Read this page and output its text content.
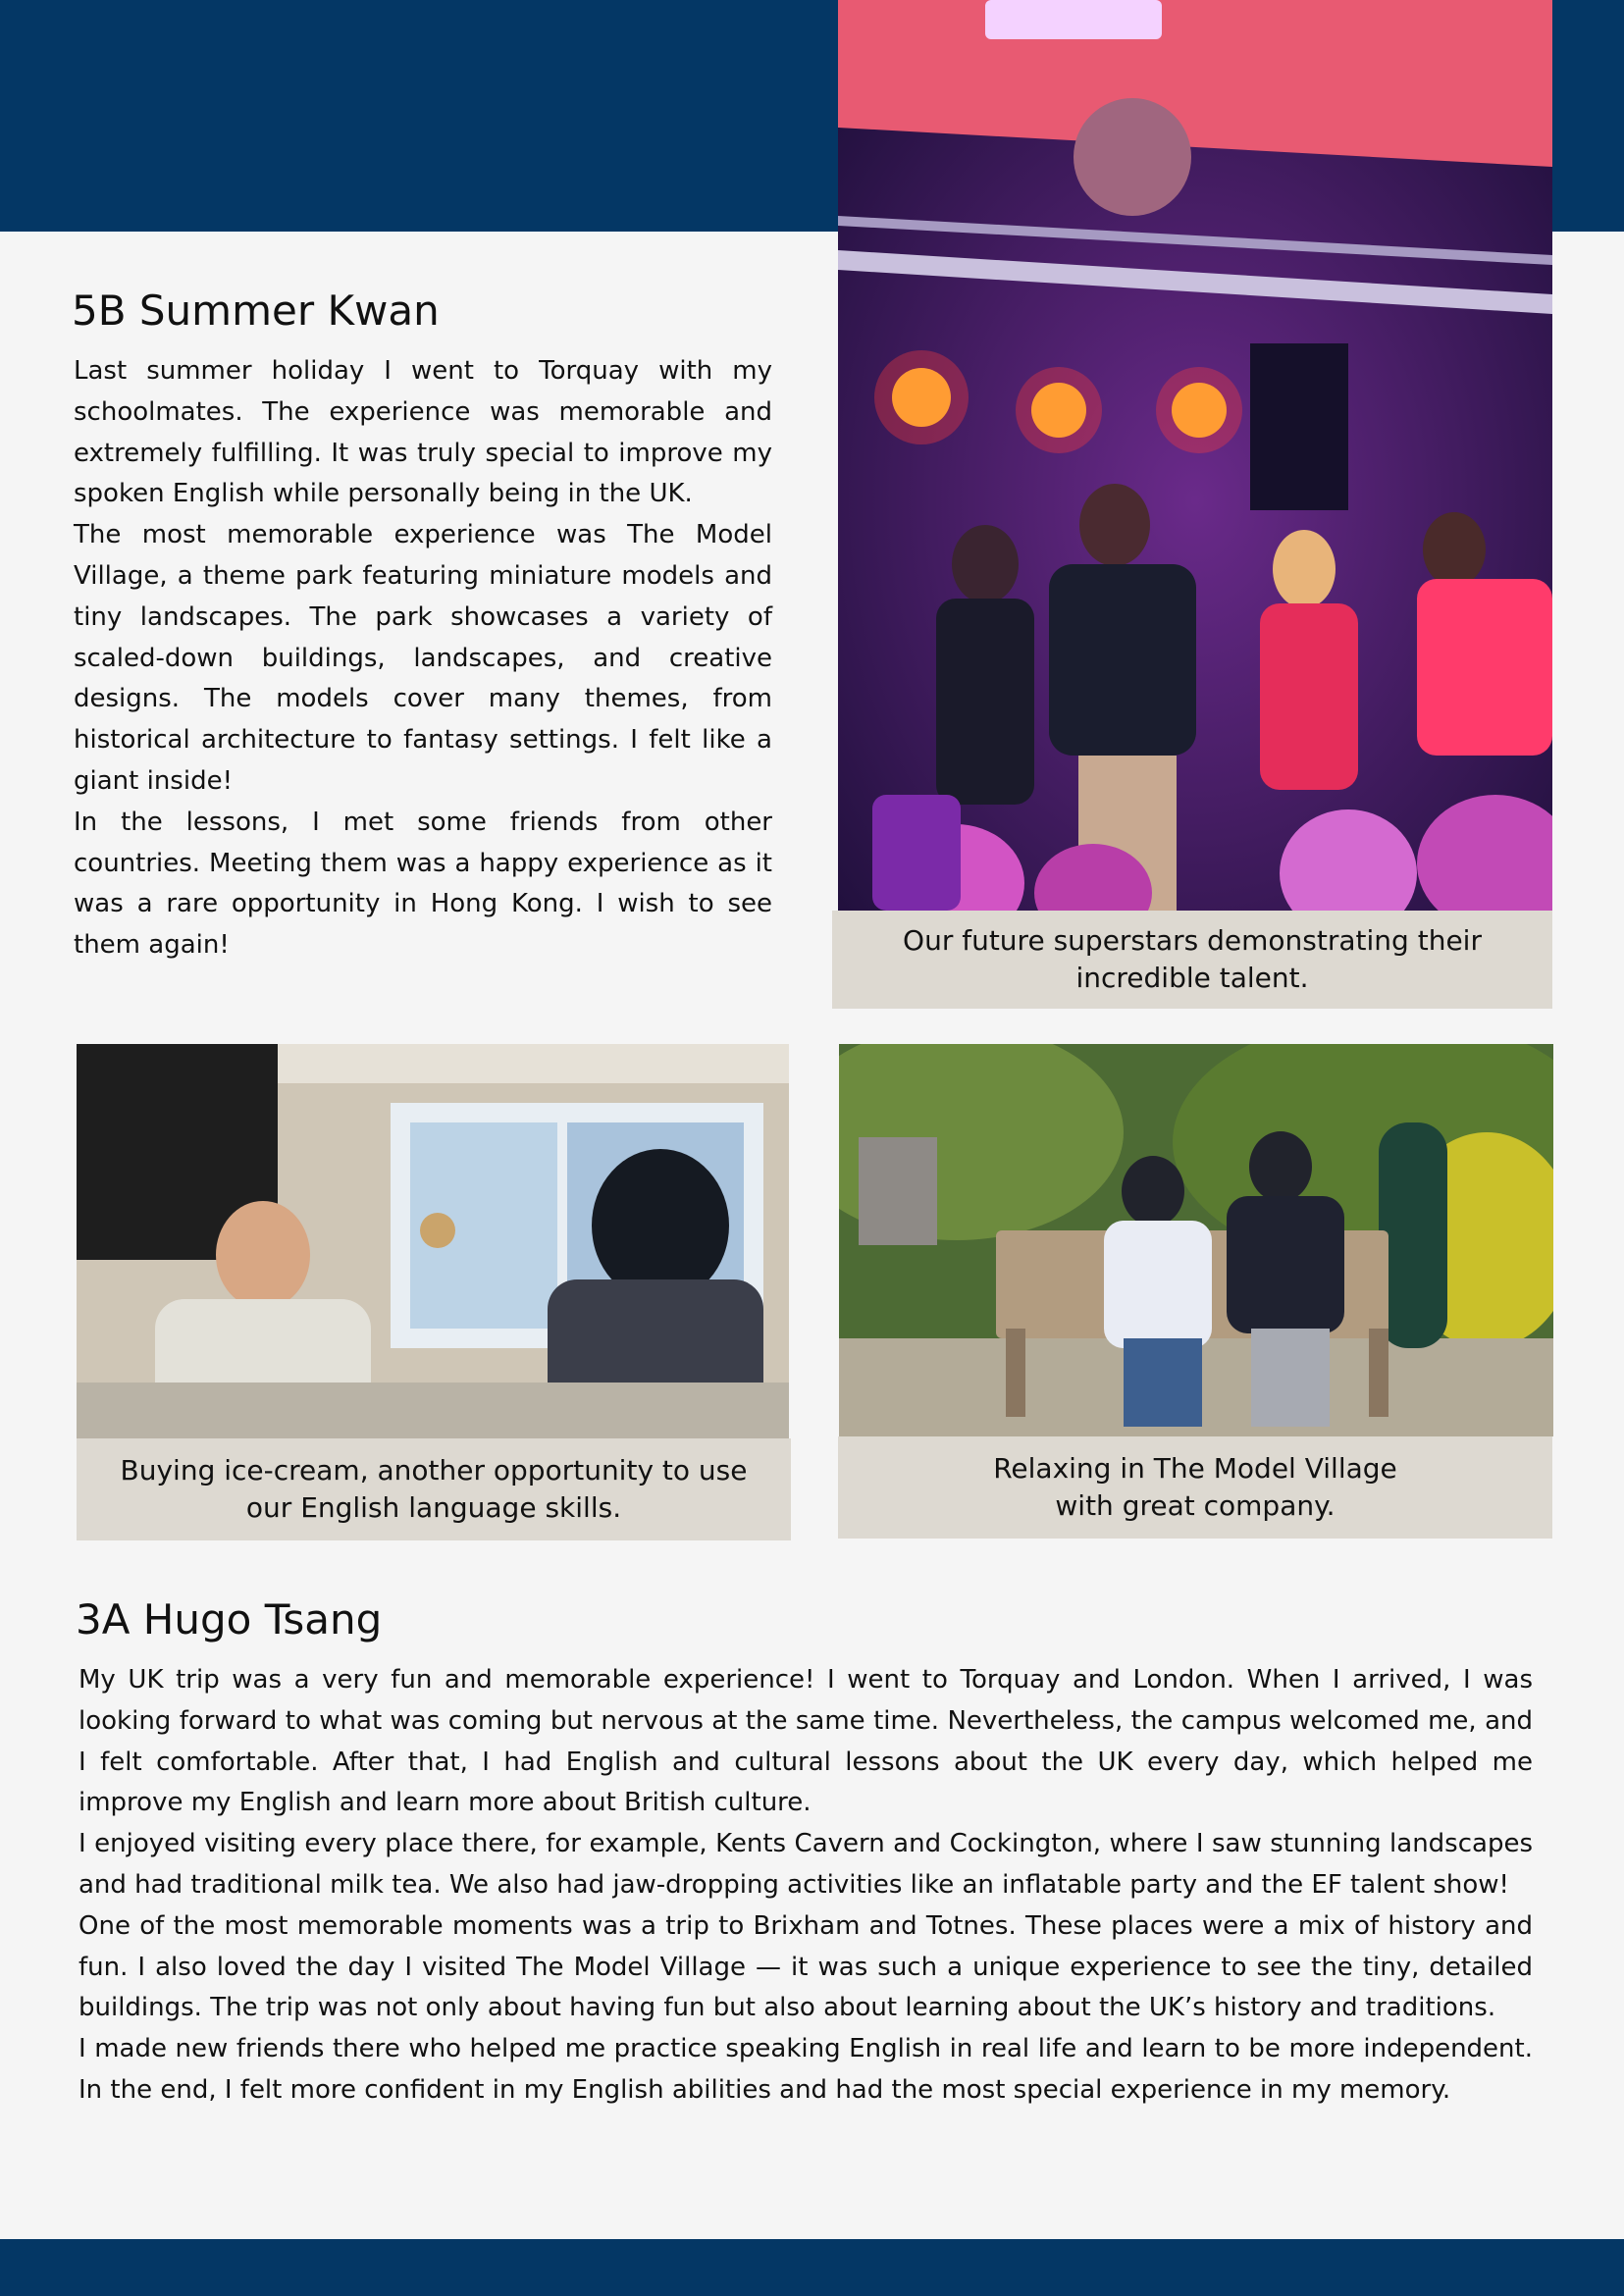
Our future superstars demonstrating their
incredible talent.
5B Summer Kwan

Last summer holiday I went to Torquay with my schoolmates. The experience was memorable and extremely fulfilling. It was truly special to improve my spoken English while personally being in the UK.

The most memorable experience was The Model Village, a theme park featuring miniature models and tiny landscapes. The park showcases a variety of scaled-down buildings, landscapes, and creative designs. The models cover many themes, from historical architecture to fantasy settings. I felt like a giant inside!

In the lessons, I met some friends from other countries. Meeting them was a happy experience as it was a rare opportunity in Hong Kong. I wish to see them again!

Buying ice-cream, another opportunity to use
our English language skills.
Relaxing in The Model Village
with great company.
3A Hugo Tsang

My UK trip was a very fun and memorable experience! I went to Torquay and London. When I arrived, I was looking forward to what was coming but nervous at the same time. Nevertheless, the campus welcomed me, and I felt comfortable. After that, I had English and cultural lessons about the UK every day, which helped me improve my English and learn more about British culture.

I enjoyed visiting every place there, for example, Kents Cavern and Cockington, where I saw stunning landscapes and had traditional milk tea. We also had jaw-dropping activities like an inflatable party and the EF talent show!

One of the most memorable moments was a trip to Brixham and Totnes. These places were a mix of history and fun. I also loved the day I visited The Model Village — it was such a unique experience to see the tiny, detailed buildings. The trip was not only about having fun but also about learning about the UK’s history and traditions.

I made new friends there who helped me practice speaking English in real life and learn to be more independent. In the end, I felt more confident in my English abilities and had the most special experience in my memory.
